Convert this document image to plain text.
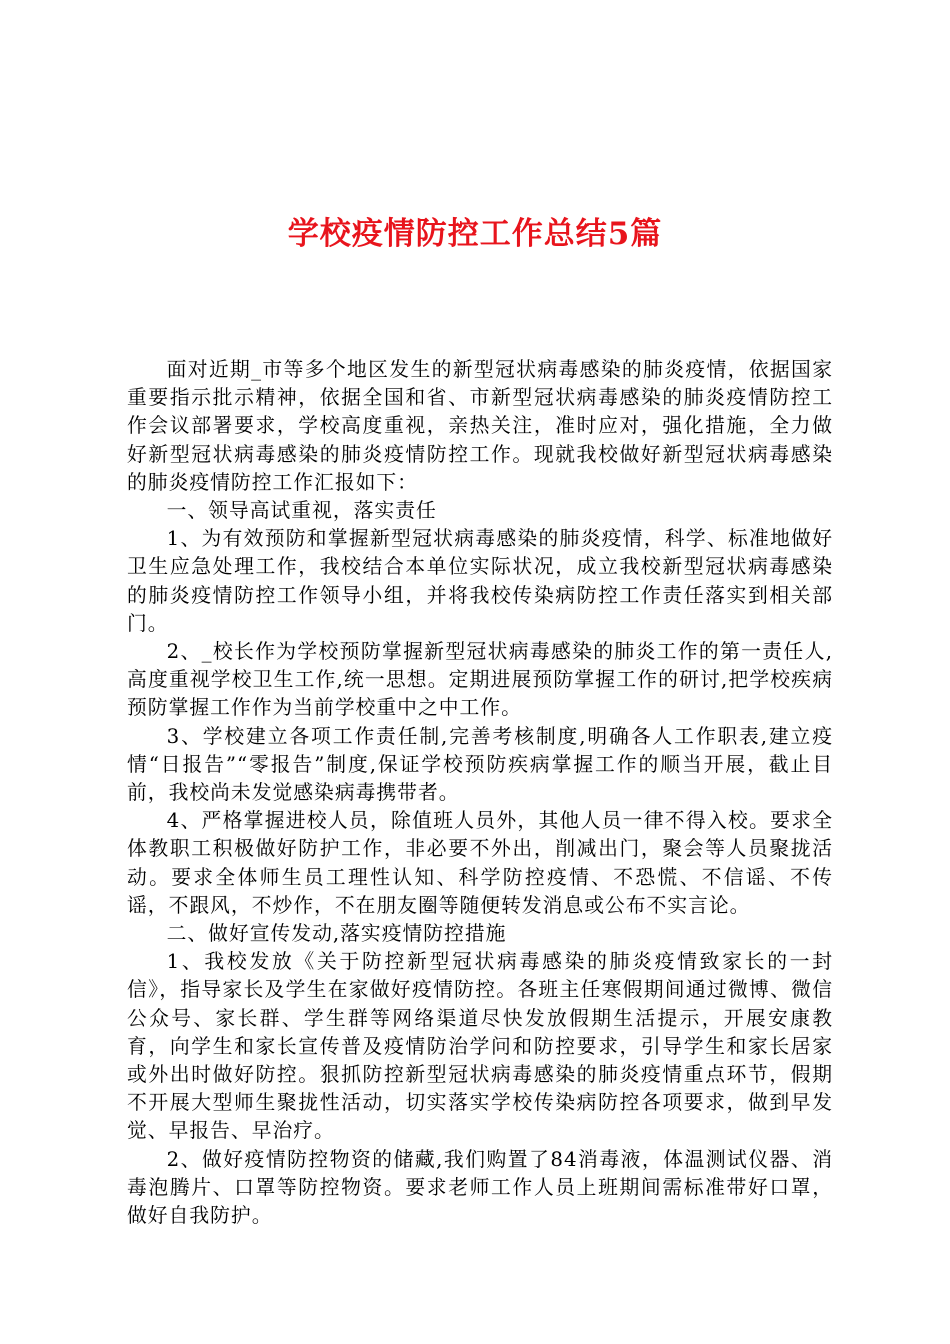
学校疫情防控工作总结5篇

面对近期_市等多个地区发生的新型冠状病毒感染的肺炎疫情，依据国家重要指示批示精神，依据全国和省、市新型冠状病毒感染的肺炎疫情防控工作会议部署要求，学校高度重视，亲热关注，准时应对，强化措施，全力做好新型冠状病毒感染的肺炎疫情防控工作。现就我校做好新型冠状病毒感染的肺炎疫情防控工作汇报如下：

一、领导高试重视，落实责任

1、为有效预防和掌握新型冠状病毒感染的肺炎疫情，科学、标准地做好卫生应急处理工作，我校结合本单位实际状况，成立我校新型冠状病毒感染的肺炎疫情防控工作领导小组，并将我校传染病防控工作责任落实到相关部门。

2、_校长作为学校预防掌握新型冠状病毒感染的肺炎工作的第一责任人,高度重视学校卫生工作,统一思想。定期进展预防掌握工作的研讨,把学校疾病预防掌握工作作为当前学校重中之中工作。

3、学校建立各项工作责任制,完善考核制度,明确各人工作职表,建立疫情“日报告”“零报告”制度,保证学校预防疾病掌握工作的顺当开展，截止目前，我校尚未发觉感染病毒携带者。

4、严格掌握进校人员，除值班人员外，其他人员一律不得入校。要求全体教职工积极做好防护工作，非必要不外出，削减出门，聚会等人员聚拢活动。要求全体师生员工理性认知、科学防控疫情、不恐慌、不信谣、不传谣，不跟风，不炒作，不在朋友圈等随便转发消息或公布不实言论。

二、做好宣传发动,落实疫情防控措施

1、我校发放《关于防控新型冠状病毒感染的肺炎疫情致家长的一封信》，指导家长及学生在家做好疫情防控。各班主任寒假期间通过微博、微信公众号、家长群、学生群等网络渠道尽快发放假期生活提示，开展安康教育，向学生和家长宣传普及疫情防治学问和防控要求，引导学生和家长居家或外出时做好防控。狠抓防控新型冠状病毒感染的肺炎疫情重点环节，假期不开展大型师生聚拢性活动，切实落实学校传染病防控各项要求，做到早发觉、早报告、早治疗。

2、做好疫情防控物资的储藏,我们购置了84消毒液，体温测试仪器、消毒泡腾片、口罩等防控物资。要求老师工作人员上班期间需标准带好口罩，做好自我防护。
